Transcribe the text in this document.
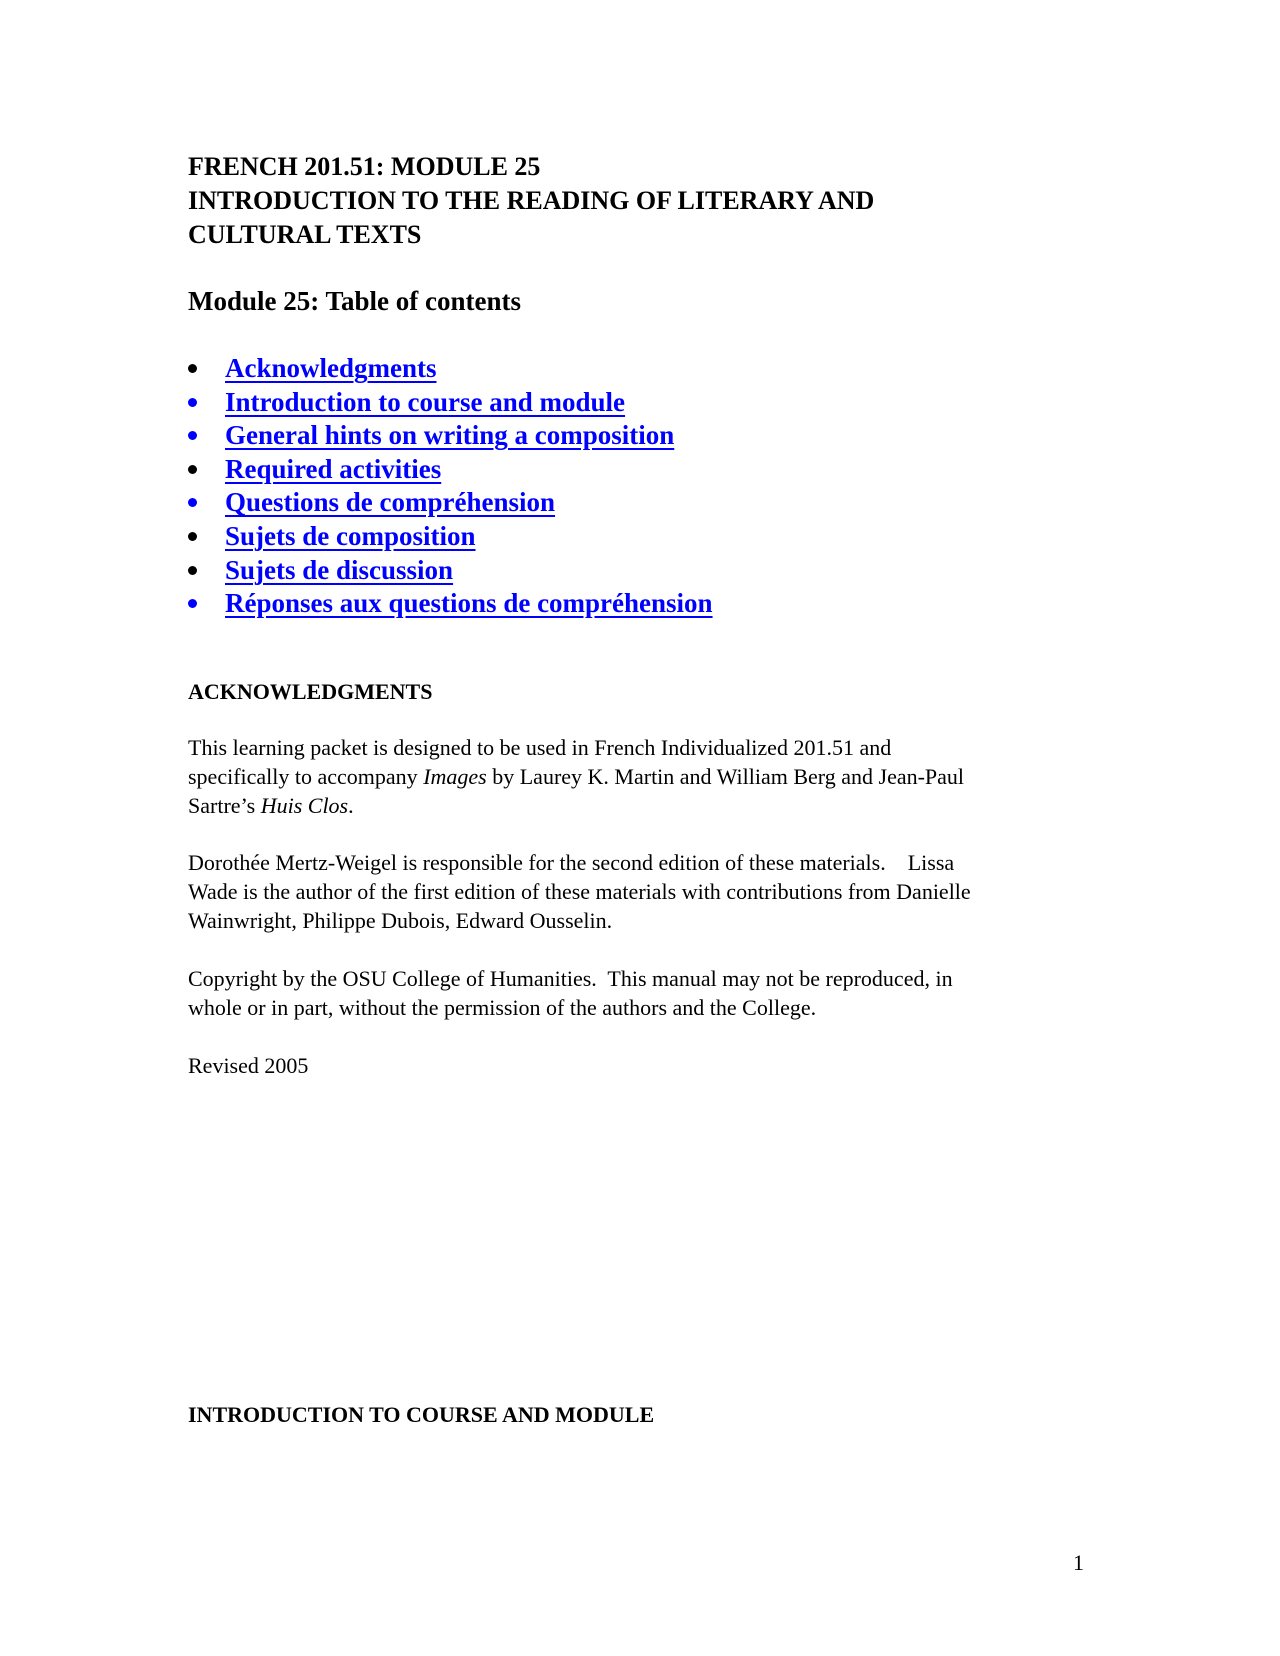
FRENCH 201.51: MODULE 25
INTRODUCTION TO THE READING OF LITERARY AND
CULTURAL TEXTS
Module 25: Table of contents
Acknowledgments
Introduction to course and module
General hints on writing a composition
Required activities
Questions de compréhension
Sujets de composition
Sujets de discussion
Réponses aux questions de compréhension
ACKNOWLEDGMENTS
This learning packet is designed to be used in French Individualized 201.51 and
specifically to accompany Images by Laurey K. Martin and William Berg and Jean-Paul
Sartre’s Huis Clos.
Dorothée Mertz-Weigel is responsible for the second edition of these materials.    Lissa
Wade is the author of the first edition of these materials with contributions from Danielle
Wainwright, Philippe Dubois, Edward Ousselin.
Copyright by the OSU College of Humanities.  This manual may not be reproduced, in
whole or in part, without the permission of the authors and the College.
Revised 2005
INTRODUCTION TO COURSE AND MODULE
1
